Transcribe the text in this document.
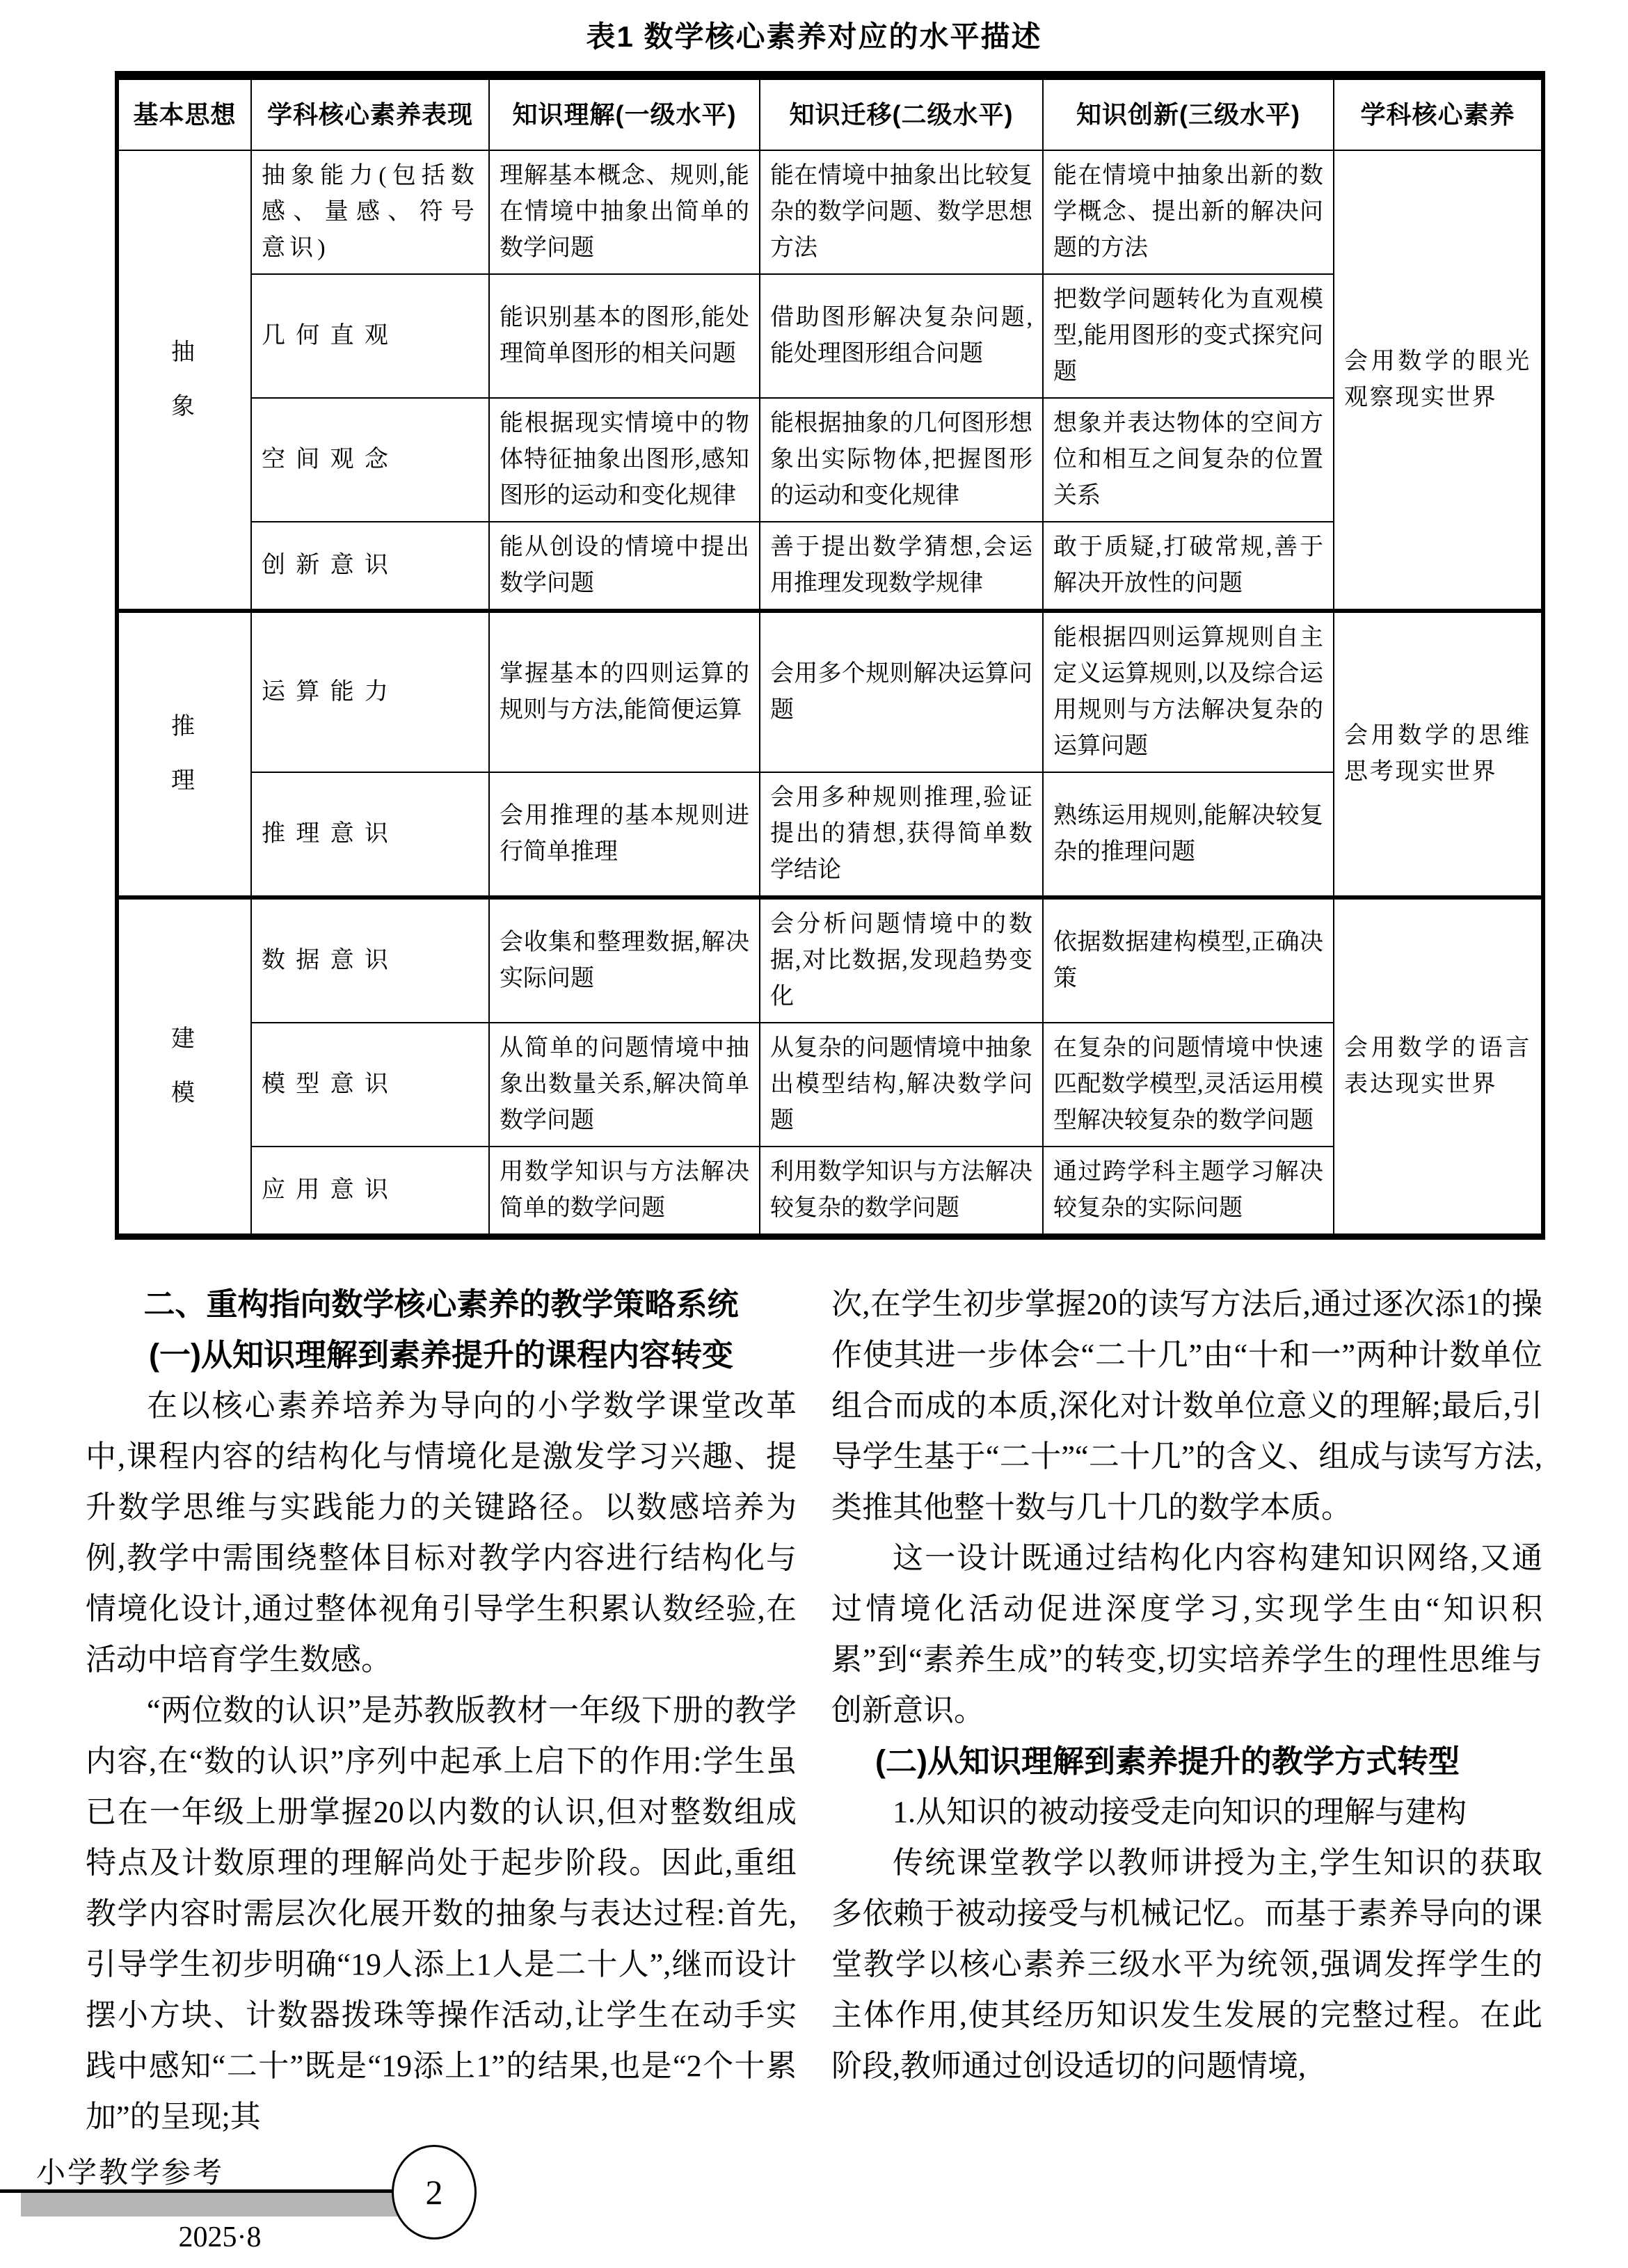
表1 数学核心素养对应的水平描述
基本思想	学科核心素养表现	知识理解(一级水平)	知识迁移(二级水平)	知识创新(三级水平)	学科核心素养

抽象	抽象能力(包括数感、量感、符号意识)	理解基本概念、规则,能在情境中抽象出简单的数学问题	能在情境中抽象出比较复杂的数学问题、数学思想方法	能在情境中抽象出新的数学概念、提出新的解决问题的方法	会用数学的眼光观察现实世界
	几何直观	能识别基本的图形,能处理简单图形的相关问题	借助图形解决复杂问题,能处理图形组合问题	把数学问题转化为直观模型,能用图形的变式探究问题	
	空间观念	能根据现实情境中的物体特征抽象出图形,感知图形的运动和变化规律	能根据抽象的几何图形想象出实际物体,把握图形的运动和变化规律	想象并表达物体的空间方位和相互之间复杂的位置关系	
	创新意识	能从创设的情境中提出数学问题	善于提出数学猜想,会运用推理发现数学规律	敢于质疑,打破常规,善于解决开放性的问题	

推理	运算能力	掌握基本的四则运算的规则与方法,能简便运算	会用多个规则解决运算问题	能根据四则运算规则自主定义运算规则,以及综合运用规则与方法解决复杂的运算问题	会用数学的思维思考现实世界
	推理意识	会用推理的基本规则进行简单推理	会用多种规则推理,验证提出的猜想,获得简单数学结论	熟练运用规则,能解决较复杂的推理问题	

建模	数据意识	会收集和整理数据,解决实际问题	会分析问题情境中的数据,对比数据,发现趋势变化	依据数据建构模型,正确决策	会用数学的语言表达现实世界
	模型意识	从简单的问题情境中抽象出数量关系,解决简单数学问题	从复杂的问题情境中抽象出模型结构,解决数学问题	在复杂的问题情境中快速匹配数学模型,灵活运用模型解决较复杂的数学问题	
	应用意识	用数学知识与方法解决简单的数学问题	利用数学知识与方法解决较复杂的数学问题	通过跨学科主题学习解决较复杂的实际问题	
二、重构指向数学核心素养的教学策略系统
(一)从知识理解到素养提升的课程内容转变

在以核心素养培养为导向的小学数学课堂改革中,课程内容的结构化与情境化是激发学习兴趣、提升数学思维与实践能力的关键路径。以数感培养为例,教学中需围绕整体目标对教学内容进行结构化与情境化设计,通过整体视角引导学生积累认数经验,在活动中培育学生数感。

“两位数的认识”是苏教版教材一年级下册的教学内容,在“数的认识”序列中起承上启下的作用:学生虽已在一年级上册掌握20以内数的认识,但对整数组成特点及计数原理的理解尚处于起步阶段。因此,重组教学内容时需层次化展开数的抽象与表达过程:首先,引导学生初步明确“19人添上1人是二十人”,继而设计摆小方块、计数器拨珠等操作活动,让学生在动手实践中感知“二十”既是“19添上1”的结果,也是“2个十累加”的呈现;其

次,在学生初步掌握20的读写方法后,通过逐次添1的操作使其进一步体会“二十几”由“十和一”两种计数单位组合而成的本质,深化对计数单位意义的理解;最后,引导学生基于“二十”“二十几”的含义、组成与读写方法,类推其他整十数与几十几的数学本质。

这一设计既通过结构化内容构建知识网络,又通过情境化活动促进深度学习,实现学生由“知识积累”到“素养生成”的转变,切实培养学生的理性思维与创新意识。

(二)从知识理解到素养提升的教学方式转型

1.从知识的被动接受走向知识的理解与建构

传统课堂教学以教师讲授为主,学生知识的获取多依赖于被动接受与机械记忆。而基于素养导向的课堂教学以核心素养三级水平为统领,强调发挥学生的主体作用,使其经历知识发生发展的完整过程。在此阶段,教师通过创设适切的问题情境,

小学教学参考
2025·8
2
